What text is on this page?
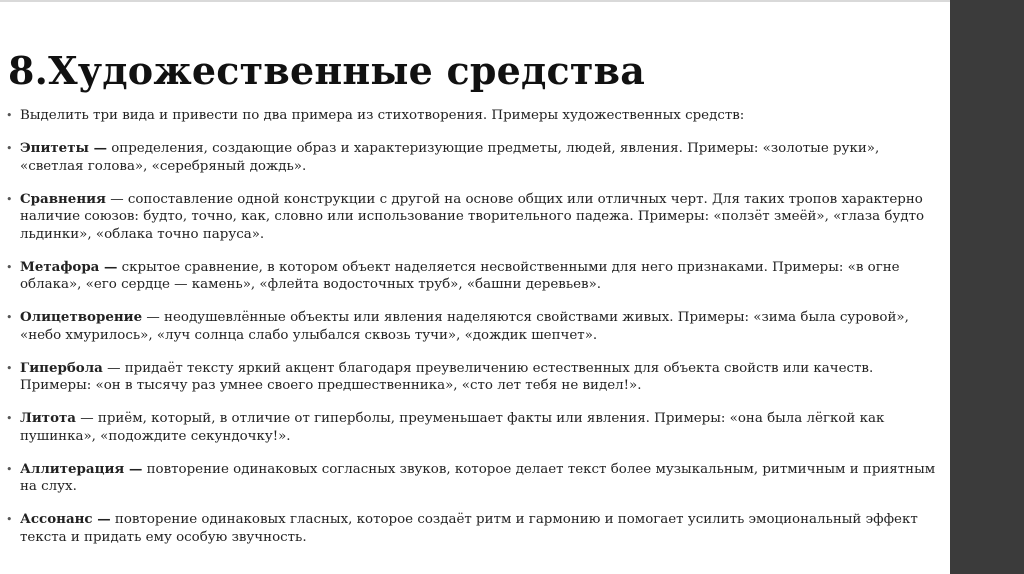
8.Художественные средства
• Выделить три вида и привести по два примера из стихотворения. Примеры художественных средств:
• Эпитеты — определения, создающие образ и характеризующие предметы, людей, явления. Примеры: «золотые руки», «светлая голова», «серебряный дождь».
• Сравнения — сопоставление одной конструкции с другой на основе общих или отличных черт. Для таких тропов характерно наличие союзов: будто, точно, как, словно или использование творительного падежа. Примеры: «ползёт змеёй», «глаза будто льдинки», «облака точно паруса».
• Метафора — скрытое сравнение, в котором объект наделяется несвойственными для него признаками. Примеры: «в огне облака», «его сердце — камень», «флейта водосточных труб», «башни деревьев».
• Олицетворение — неодушевлённые объекты или явления наделяются свойствами живых. Примеры: «зима была суровой», «небо хмурилось», «луч солнца слабо улыбался сквозь тучи», «дождик шепчет».
• Гипербола — придаёт тексту яркий акцент благодаря преувеличению естественных для объекта свойств или качеств. Примеры: «он в тысячу раз умнее своего предшественника», «сто лет тебя не видел!».
• Литота — приём, который, в отличие от гиперболы, преуменьшает факты или явления. Примеры: «она была лёгкой как пушинка», «подождите секундочку!».
• Аллитерация — повторение одинаковых согласных звуков, которое делает текст более музыкальным, ритмичным и приятным на слух.
• Ассонанс — повторение одинаковых гласных, которое создаёт ритм и гармонию и помогает усилить эмоциональный эффект текста и придать ему особую звучность.
